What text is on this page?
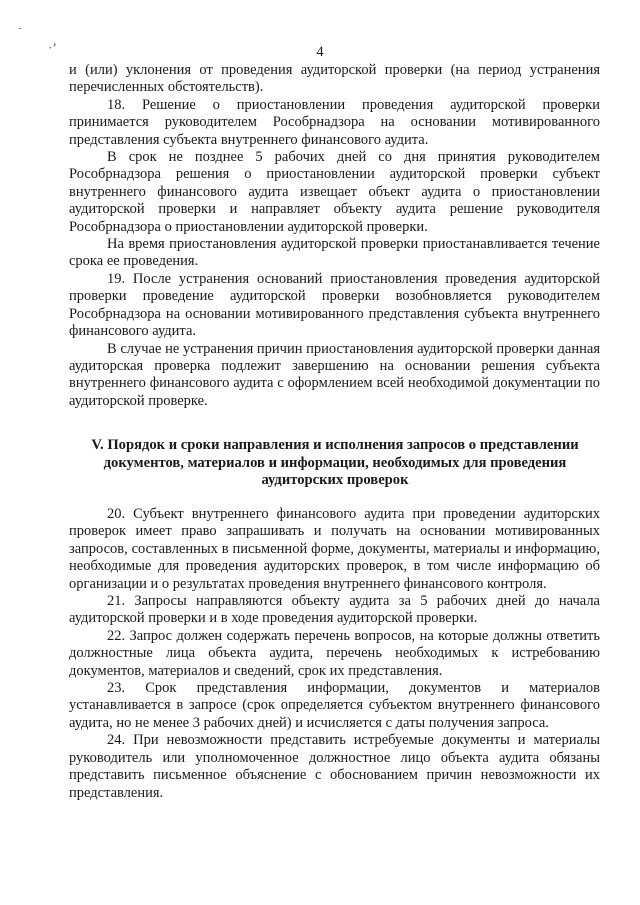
-
·’	4

и (или) уклонения от проведения аудиторской проверки (на период устранения перечисленных обстоятельств).

18. Решение о приостановлении проведения аудиторской проверки принимается руководителем Рособрнадзора на основании мотивированного представления субъекта внутреннего финансового аудита.

В срок не позднее 5 рабочих дней со дня принятия руководителем Рособрнадзора решения о приостановлении аудиторской проверки субъект внутреннего финансового аудита извещает объект аудита о приостановлении аудиторской проверки и направляет объекту аудита решение руководителя Рособрнадзора о приостановлении аудиторской проверки.

На время приостановления аудиторской проверки приостанавливается течение срока ее проведения.

19. После устранения оснований приостановления проведения аудиторской проверки проведение аудиторской проверки возобновляется руководителем Рособрнадзора на основании мотивированного представления субъекта внутреннего финансового аудита.

В случае не устранения причин приостановления аудиторской проверки данная аудиторская проверка подлежит завершению на основании решения субъекта внутреннего финансового аудита с оформлением всей необходимой документации по аудиторской проверке.

V. Порядок и сроки направления и исполнения запросов о представлении документов, материалов и информации, необходимых для проведения аудиторских проверок

20. Субъект внутреннего финансового аудита при проведении аудиторских проверок имеет право запрашивать и получать на основании мотивированных запросов, составленных в письменной форме, документы, материалы и информацию, необходимые для проведения аудиторских проверок, в том числе информацию об организации и о результатах проведения внутреннего финансового контроля.

21. Запросы направляются объекту аудита за 5 рабочих дней до начала аудиторской проверки и в ходе проведения аудиторской проверки.

22. Запрос должен содержать перечень вопросов, на которые должны ответить должностные лица объекта аудита, перечень необходимых к истребованию документов, материалов и сведений, срок их представления.

23. Срок представления информации, документов и материалов устанавливается в запросе (срок определяется субъектом внутреннего финансового аудита, но не менее 3 рабочих дней) и исчисляется с даты получения запроса.

24. При невозможности представить истребуемые документы и материалы руководитель или уполномоченное должностное лицо объекта аудита обязаны представить письменное объяснение с обоснованием причин невозможности их представления.
